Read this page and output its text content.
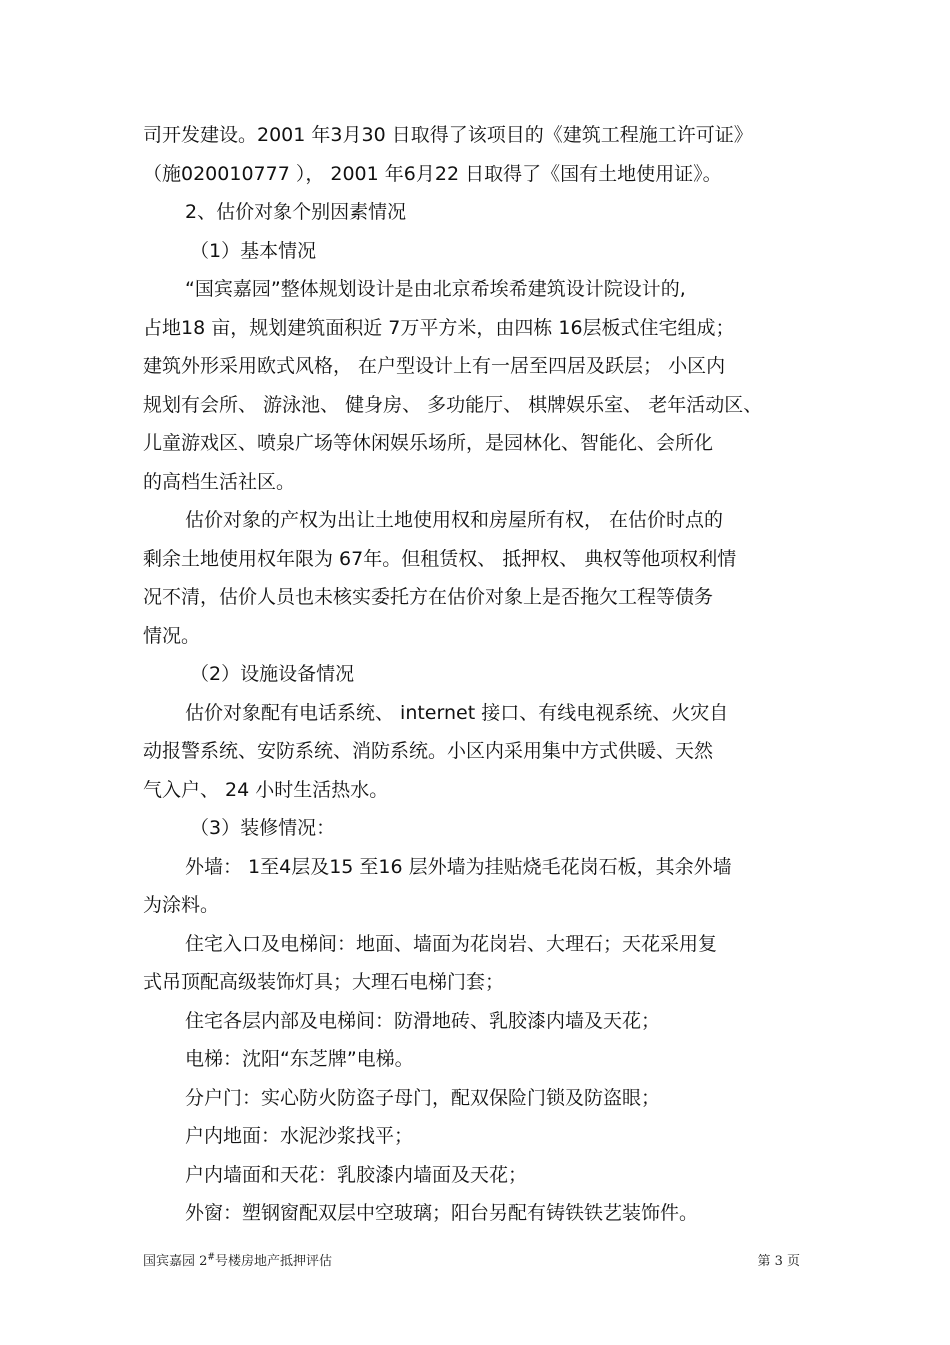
司开发建设。2001 年3月30 日取得了该项目的《建筑工程施工许可证》
（施020010777 ）， 2001 年6月22 日取得了《国有土地使用证》。
2、估价对象个别因素情况
（1）基本情况
“国宾嘉园”整体规划设计是由北京希埃希建筑设计院设计的,
占地18 亩，规划建筑面积近 7万平方米，由四栋 16层板式住宅组成；
建筑外形采用欧式风格， 在户型设计上有一居至四居及跃层； 小区内
规划有会所、 游泳池、 健身房、 多功能厅、 棋牌娱乐室、 老年活动区、
儿童游戏区、喷泉广场等休闲娱乐场所，是园林化、智能化、会所化
的高档生活社区。
估价对象的产权为出让土地使用权和房屋所有权， 在估价时点的
剩余土地使用权年限为 67年。但租赁权、 抵押权、 典权等他项权利情
况不清，估价人员也未核实委托方在估价对象上是否拖欠工程等债务
情况。
（2）设施设备情况
估价对象配有电话系统、 internet 接口、有线电视系统、火灾自
动报警系统、安防系统、消防系统。小区内采用集中方式供暖、天然
气入户、 24 小时生活热水。
（3）装修情况：
外墙： 1至4层及15 至16 层外墙为挂贴烧毛花岗石板，其余外墙
为涂料。
住宅入口及电梯间：地面、墙面为花岗岩、大理石；天花采用复
式吊顶配高级装饰灯具；大理石电梯门套；
住宅各层内部及电梯间：防滑地砖、乳胶漆内墙及天花；
电梯：沈阳“东芝牌”电梯。
分户门：实心防火防盗子母门，配双保险门锁及防盗眼；
户内地面：水泥沙浆找平；
户内墙面和天花：乳胶漆内墙面及天花；
外窗：塑钢窗配双层中空玻璃；阳台另配有铸铁铁艺装饰件。
国宾嘉园 2#号楼房地产抵押评估	第 3 页
